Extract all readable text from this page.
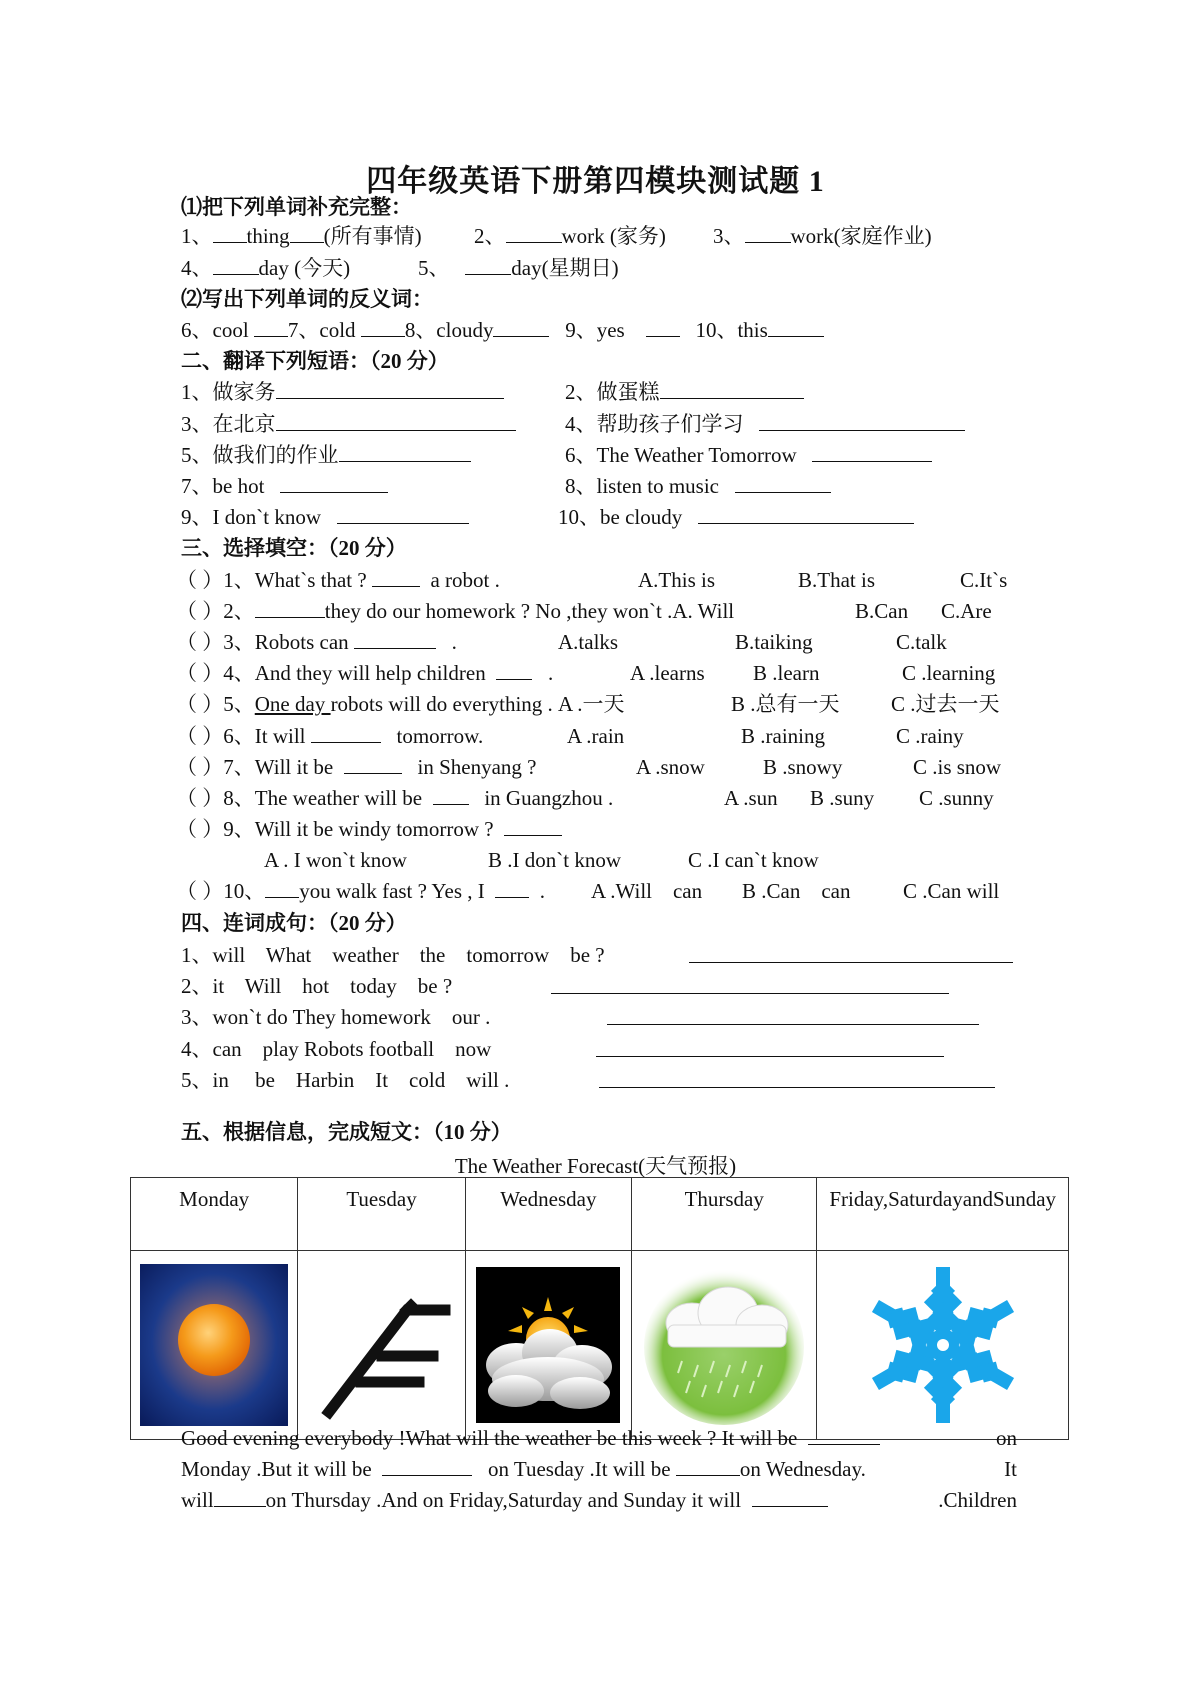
四年级英语下册第四模块测试题 1
⑴把下列单词补充完整：
1、 thing (所有事情) 2、	work (家务) 3、 work(家庭作业)
4、 day (今天)	5、	day(星期日)
⑵写出下列单词的反义词：
6、cool 7、cold 8、cloudy	9、yes	10、this
二、翻译下列短语：（20 分）
1、做家务	2、做蛋糕
3、在北京	4、帮助孩子们学习
5、做我们的作业	6、The Weather Tomorrow
7、be hot	8、listen to music
9、I don`t know	10、be cloudy
三、选择填空：（20 分）
（ ）1、What`s that ?	a robot .	A.This is	B.That is	C.It`s
（ ）2、	they do our homework ? No ,they won`t .A. Will	B.Can C.Are
（ ）3、Robots can	.	A.talks	B.taiking	C.talk
（ ）4、And they will help children	.	A .learns B .learn	C .learning
（ ）5、One day robots will do everything . A .一天	B .总有一天 C .过去一天
（ ）6、It will	tomorrow.	A .rain	B .raining	C .rainy
（ ）7、Will it be	in Shenyang ?	A .snow	B .snowy	C .is snow
（ ）8、The weather will be	in Guangzhou .	A .sun B .suny C .sunny
（ ）9、Will it be windy tomorrow ?
A . I won`t know	B .I don`t know	C .I can`t know
（ ）10、 you walk fast ? Yes , I	. A .Will    can B .Can    can	C .Can will
四、连词成句：（20 分）
1、will    What    weather    the    tomorrow    be ?
2、it    Will    hot    today    be ?
3、won`t do They homework    our .
4、can    play Robots football    now
5、in     be    Harbin    It    cold    will .
五、根据信息，完成短文：（10 分）
The Weather Forecast(天气预报)
Monday	Tuesday	Wednesday	Thursday	Friday,SaturdayandSunday

Good evening everybody !What will the weather be this week ? It will be	on
Monday .But it will be	on Tuesday .It will be	on Wednesday.	It
will on Thursday .And on Friday,Saturday and Sunday it will	.Children
